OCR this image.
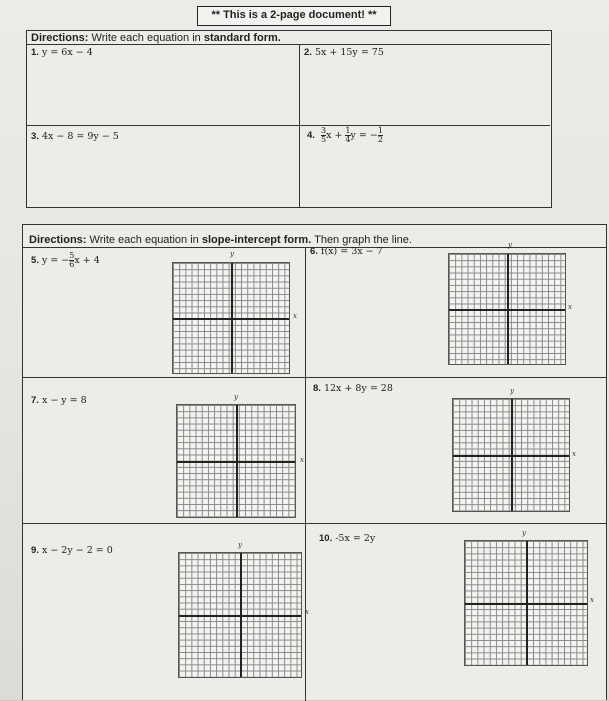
** This is a 2-page document! **
Directions: Write each equation in standard form.
1. y = 6x − 4	2. 5x + 15y = 75
3. 4x − 8 = 9y − 5	4. $\frac{3}{5}$ $x + \frac{1}{4}$ y = − $\frac{1}{2}$
Directions: Write each equation in slope-intercept form. Then graph the line.
5. y = − $\frac{5}{6}$ x + 4
6. f(x) = 3x − 7
7. x − y = 8
8. 12x + 8y = 28
9. x − 2y − 2 = 0
10. -5x = 2y
y
x
y
x
y
x
y
x
y
x
y
x
